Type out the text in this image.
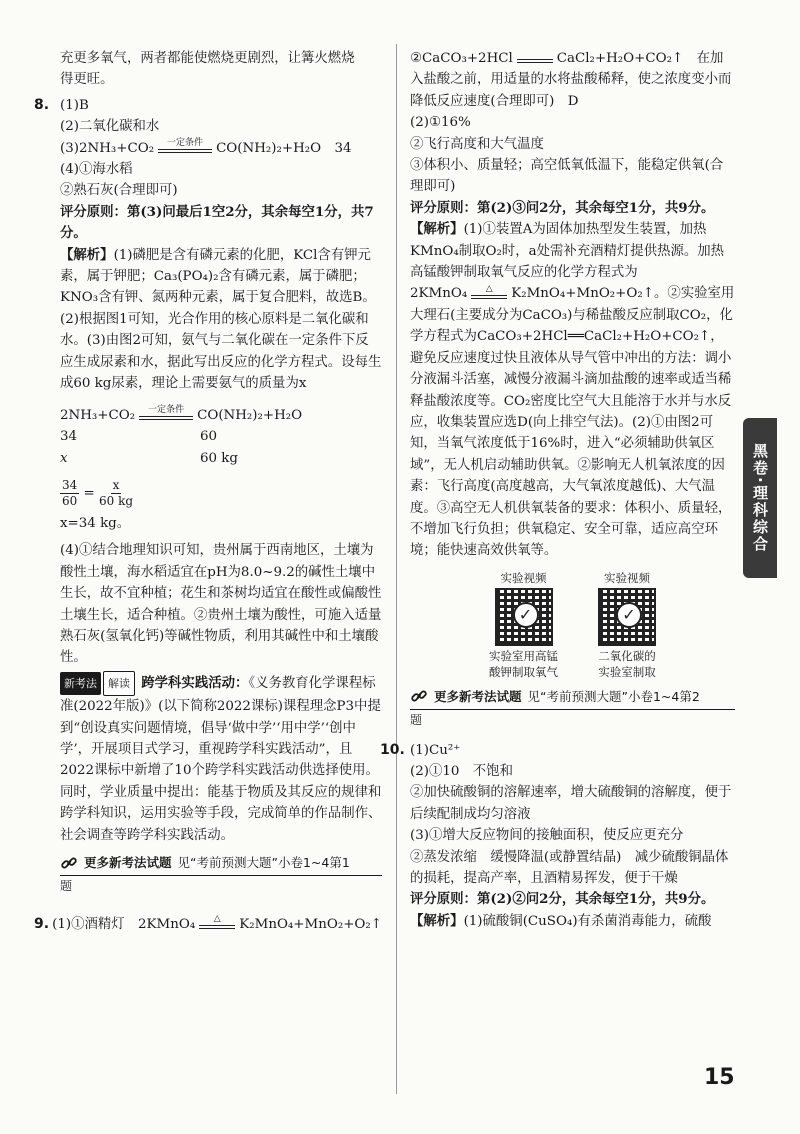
充更多氧气，两者都能使燃烧更剧烈，让篝火燃烧

得更旺。

8. (1)B

(2)二氧化碳和水

(3)2NH₃+CO₂ 一定条件 CO(NH₂)₂+H₂O　34

(4)①海水稻

②熟石灰(合理即可)

评分原则：第(3)问最后1空2分，其余每空1分，共7分。

【解析】(1)磷肥是含有磷元素的化肥，KCl含有钾元素，属于钾肥；Ca₃(PO₄)₂含有磷元素，属于磷肥；KNO₃含有钾、氮两种元素，属于复合肥料，故选B。(2)根据图1可知，光合作用的核心原料是二氧化碳和水。(3)由图2可知，氨气与二氧化碳在一定条件下反应生成尿素和水，据此写出反应的化学方程式。设每生成60 kg尿素，理论上需要氨气的质量为x

2NH₃+CO₂ 一定条件 CO(NH₂)₂+H₂O

34	60
x	60 kg

$\frac{34}{60} = \frac{x}{60 kg}$

x=34 kg。

(4)①结合地理知识可知，贵州属于西南地区，土壤为酸性土壤，海水稻适宜在pH为8.0~9.2的碱性土壤中生长，故不宜种植；花生和茶树均适宜在酸性或偏酸性土壤生长，适合种植。②贵州土壤为酸性，可施入适量熟石灰(氢氧化钙)等碱性物质，利用其碱性中和土壤酸性。

新考法 解读 跨学科实践活动：《义务教育化学课程标准(2022年版)》(以下简称2022课标)课程理念P3中提到“创设真实问题情境，倡导‘做中学’‘用中学’‘创中学’，开展项目式学习，重视跨学科实践活动”，且2022课标中新增了10个跨学科实践活动供选择使用。同时，学业质量中提出：能基于物质及其反应的规律和跨学科知识，运用实验等手段，完成简单的作品制作、社会调查等跨学科实践活动。

更多新考法试题 见“考前预测大题”小卷1~4第1

题

9. (1)①酒精灯　2KMnO₄ △ K₂MnO₄+MnO₂+O₂↑

②CaCO₃+2HCl	CaCl₂+H₂O+CO₂↑　在加

入盐酸之前，用适量的水将盐酸稀释，使之浓度变小而降低反应速度(合理即可)　D

(2)①16%

②飞行高度和大气温度

③体积小、质量轻；高空低氧低温下，能稳定供氧(合理即可)

评分原则：第(2)③问2分，其余每空1分，共9分。

【解析】(1)①装置A为固体加热型发生装置，加热KMnO₄制取O₂时，a处需补充酒精灯提供热源。加热高锰酸钾制取氧气反应的化学方程式为

2KMnO₄ △ K₂MnO₄+MnO₂+O₂↑。②实验室用

大理石(主要成分为CaCO₃)与稀盐酸反应制取CO₂，化学方程式为CaCO₃+2HCl══CaCl₂+H₂O+CO₂↑，避免反应速度过快且液体从导气管中冲出的方法：调小分液漏斗活塞，减慢分液漏斗滴加盐酸的速率或适当稀释盐酸浓度等。CO₂密度比空气大且能溶于水并与水反应，收集装置应选D(向上排空气法)。(2)①由图2可知，当氧气浓度低于16%时，进入“必须辅助供氧区域”，无人机启动辅助供氧。②影响无人机氧浓度的因素：飞行高度(高度越高，大气氧浓度越低)、大气温度。③高空无人机供氧装备的要求：体积小、质量轻，不增加飞行负担；供氧稳定、安全可靠，适应高空环境；能快速高效供氧等。

实验视频
✓
实验室用高锰
酸钾制取氧气
实验视频
✓
二氧化碳的
实验室制取
更多新考法试题 见“考前预测大题”小卷1~4第2

题

10. (1)Cu²⁺

(2)①10　不饱和

②加快硫酸铜的溶解速率，增大硫酸铜的溶解度，便于后续配制成均匀溶液

(3)①增大反应物间的接触面积，使反应更充分

②蒸发浓缩　缓慢降温(或静置结晶)　减少硫酸铜晶体的损耗，提高产率，且酒精易挥发，便于干燥

评分原则：第(2)②问2分，其余每空1分，共9分。

【解析】(1)硫酸铜(CuSO₄)有杀菌消毒能力，硫酸

黑卷·理科综合
15
